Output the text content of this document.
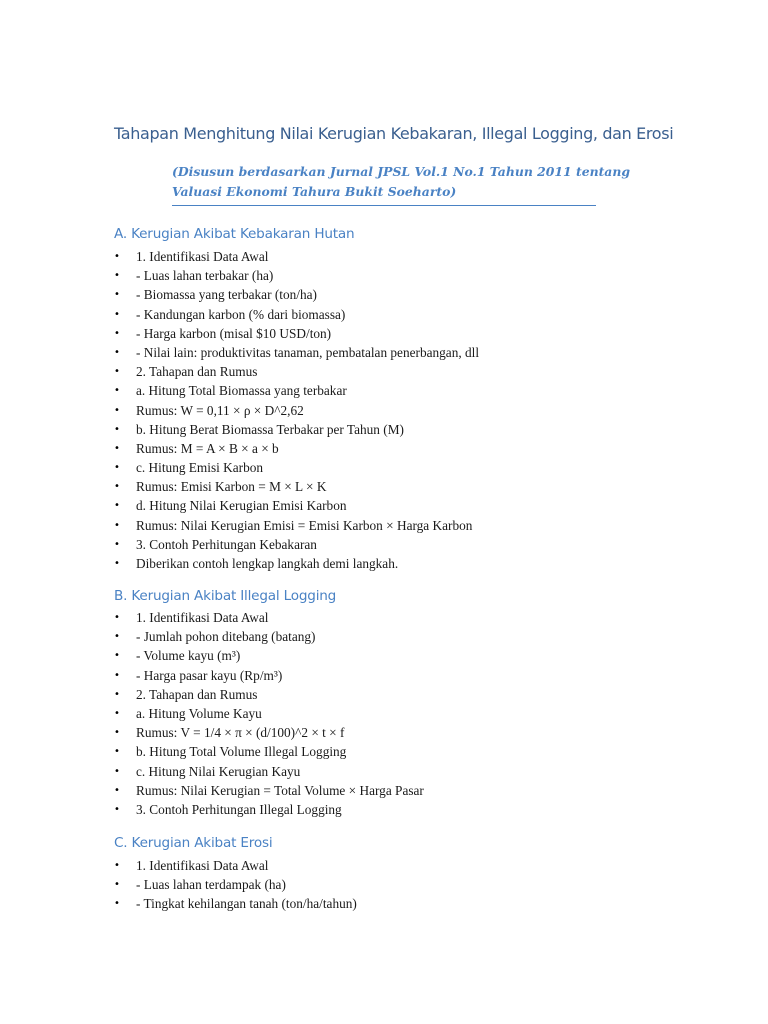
Tahapan Menghitung Nilai Kerugian Kebakaran, Illegal Logging, dan Erosi
(Disusun berdasarkan Jurnal JPSL Vol.1 No.1 Tahun 2011 tentang
Valuasi Ekonomi Tahura Bukit Soeharto)
A. Kerugian Akibat Kebakaran Hutan
• 1. Identifikasi Data Awal
• - Luas lahan terbakar (ha)
• - Biomassa yang terbakar (ton/ha)
• - Kandungan karbon (% dari biomassa)
• - Harga karbon (misal $10 USD/ton)
• - Nilai lain: produktivitas tanaman, pembatalan penerbangan, dll
• 2. Tahapan dan Rumus
• a. Hitung Total Biomassa yang terbakar
• Rumus: W = 0,11 × ρ × D^2,62
• b. Hitung Berat Biomassa Terbakar per Tahun (M)
• Rumus: M = A × B × a × b
• c. Hitung Emisi Karbon
• Rumus: Emisi Karbon = M × L × K
• d. Hitung Nilai Kerugian Emisi Karbon
• Rumus: Nilai Kerugian Emisi = Emisi Karbon × Harga Karbon
• 3. Contoh Perhitungan Kebakaran
• Diberikan contoh lengkap langkah demi langkah.
B. Kerugian Akibat Illegal Logging
• 1. Identifikasi Data Awal
• - Jumlah pohon ditebang (batang)
• - Volume kayu (m³)
• - Harga pasar kayu (Rp/m³)
• 2. Tahapan dan Rumus
• a. Hitung Volume Kayu
• Rumus: V = 1/4 × π × (d/100)^2 × t × f
• b. Hitung Total Volume Illegal Logging
• c. Hitung Nilai Kerugian Kayu
• Rumus: Nilai Kerugian = Total Volume × Harga Pasar
• 3. Contoh Perhitungan Illegal Logging
C. Kerugian Akibat Erosi
• 1. Identifikasi Data Awal
• - Luas lahan terdampak (ha)
• - Tingkat kehilangan tanah (ton/ha/tahun)
